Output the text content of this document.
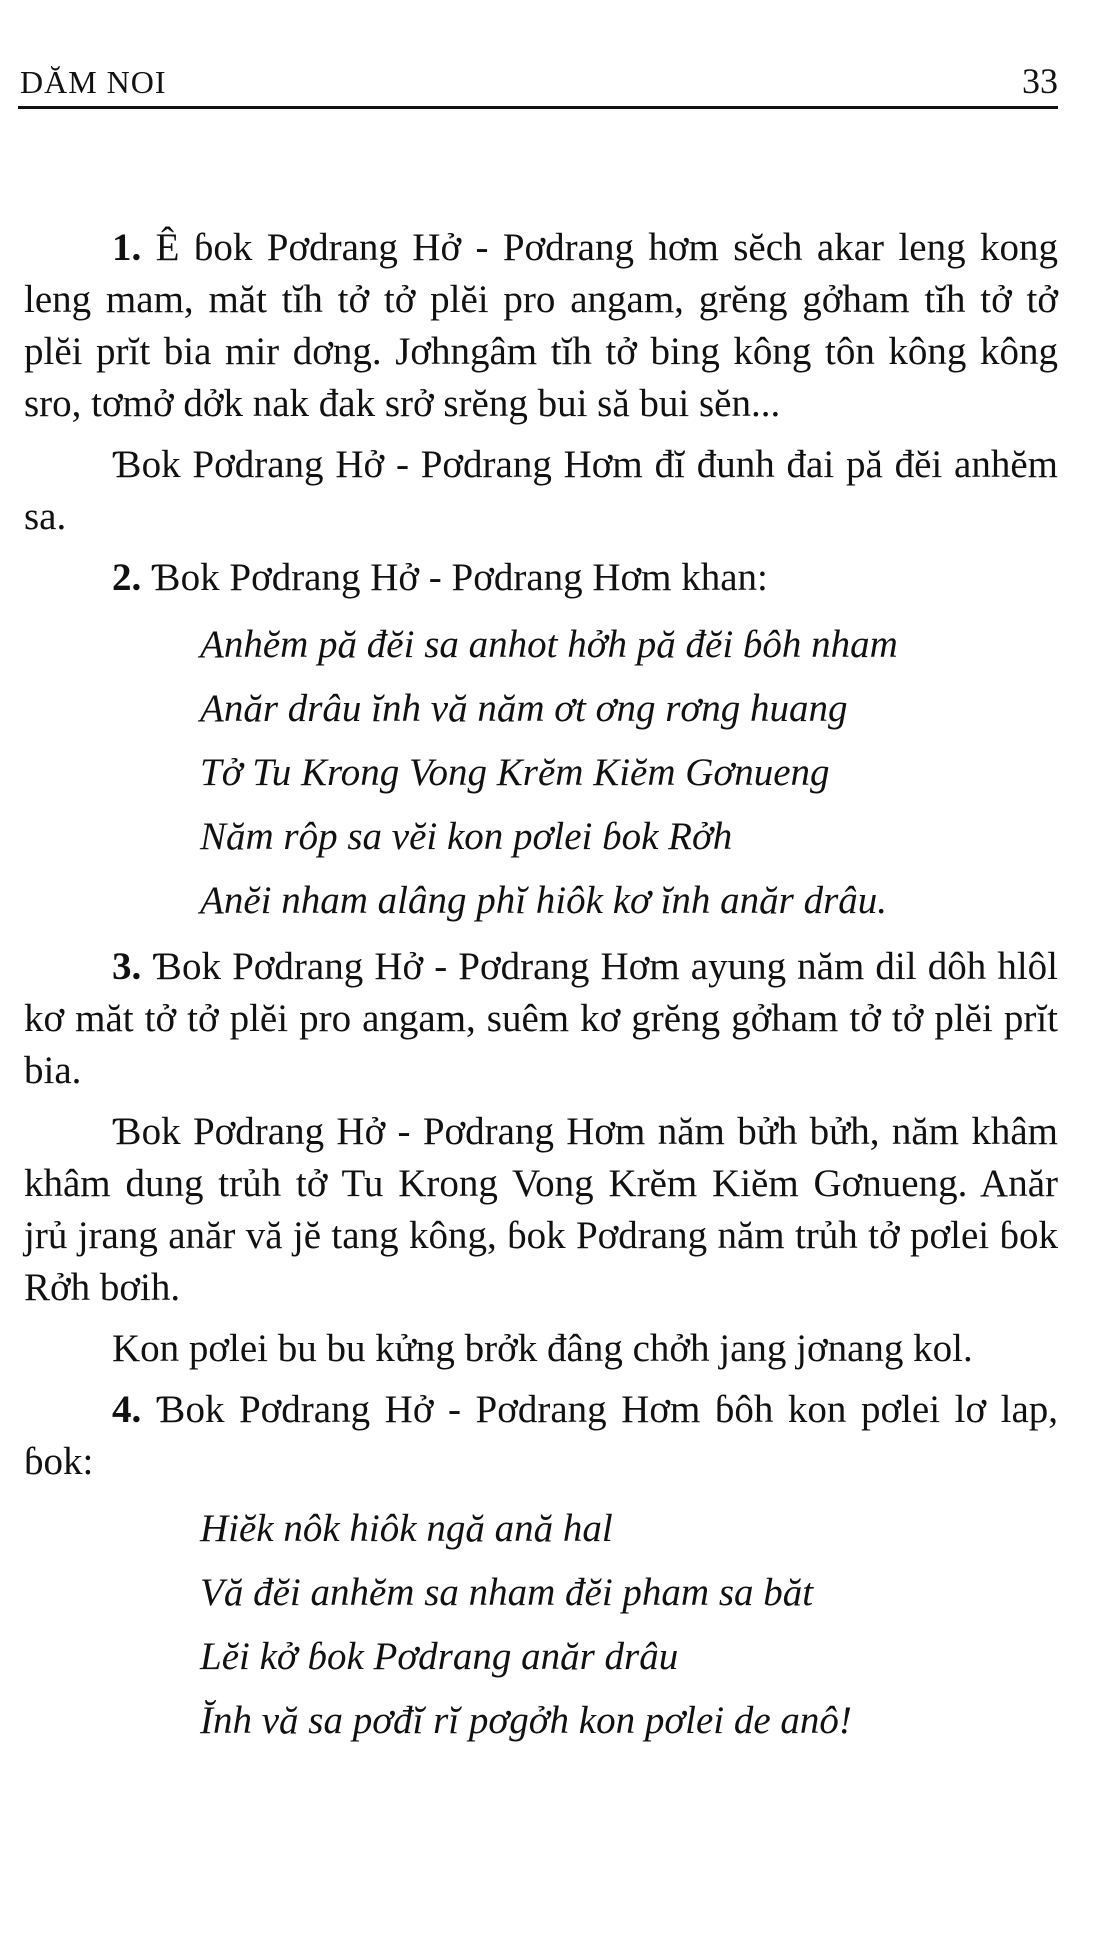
DĂM NOI	33

1. Ê ɓok Pơdrang Hở - Pơdrang hơm sĕch akar leng kong leng mam, măt tĭh tở tở plĕi pro angam, grĕng gởham tĭh tở tở plĕi prĭt bia mir dơng. Jơhngâm tĭh tở bing kông tôn kông kông sro, tơmở dởk nak đak srở srĕng bui să bui sĕn...

Ɓok Pơdrang Hở - Pơdrang Hơm đĭ đunh đai pă đĕi anhĕm sa.

2. Ɓok Pơdrang Hở - Pơdrang Hơm khan:

Anhĕm pă đĕi sa anhot hởh pă đĕi ɓôh nham
Anăr drâu ĭnh vă năm ơt ơng rơng huang
Tở Tu Krong Vong Krĕm Kiĕm Gơnueng
Năm rôp sa vĕi kon pơlei ɓok Rởh
Anĕi nham alâng phĭ hiôk kơ ĭnh anăr drâu.

3. Ɓok Pơdrang Hở - Pơdrang Hơm ayung năm dil dôh hlôl kơ măt tở tở plĕi pro angam, suêm kơ grĕng gởham tở tở plĕi prĭt bia.

Ɓok Pơdrang Hở - Pơdrang Hơm năm bửh bửh, năm khâm khâm dung trủh tở Tu Krong Vong Krĕm Kiĕm Gơnueng. Anăr jrủ jrang anăr vă jĕ tang kông, ɓok Pơdrang năm trủh tở pơlei ɓok Rởh bơih.

Kon pơlei bu bu kửng brởk đâng chởh jang jơnang kol.

4. Ɓok Pơdrang Hở - Pơdrang Hơm ɓôh kon pơlei lơ lap, ɓok:

Hiĕk nôk hiôk ngă ană hal
Vă đĕi anhĕm sa nham đĕi pham sa băt
Lĕi kở ɓok Pơdrang anăr drâu
Ĭnh vă sa pơđĭ rĭ pơgởh kon pơlei de anô!
